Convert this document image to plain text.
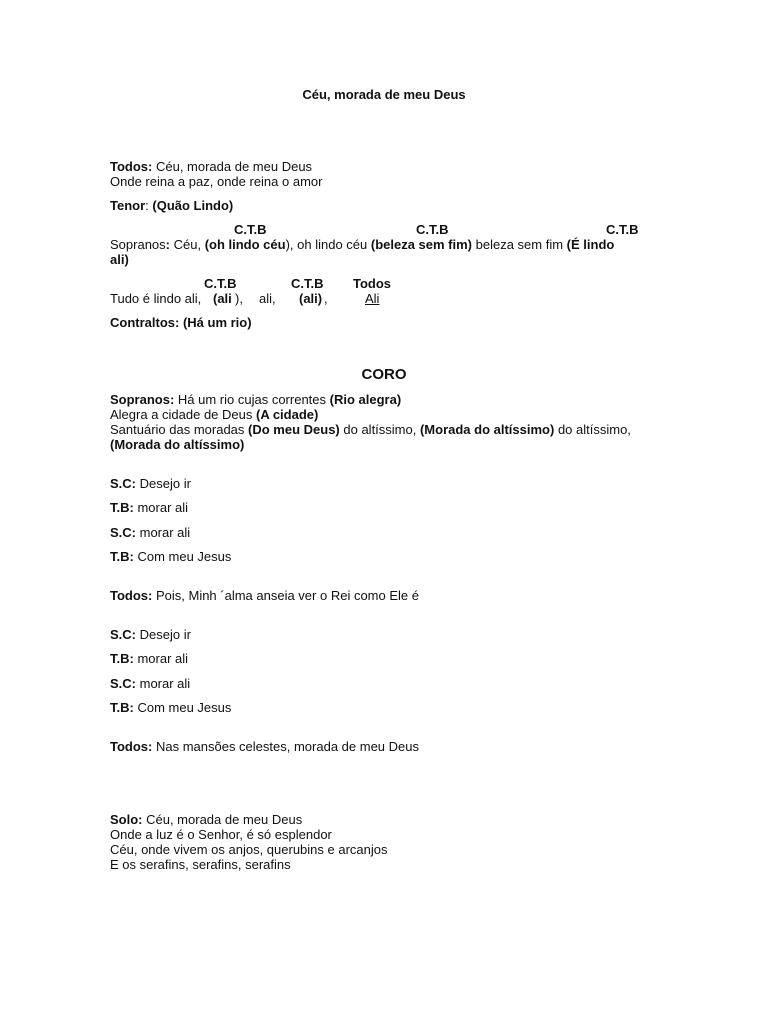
Céu, morada de meu Deus
Todos: Céu, morada de meu Deus
Onde reina a paz, onde reina o amor
Tenor: (Quão Lindo)
C.T.B	C.T.B	C.T.B
Sopranos: Céu, (oh lindo céu), oh lindo céu (beleza sem fim) beleza sem fim (É lindo
ali)
C.T.B	C.T.B Todos
Tudo é lindo ali, (ali ), ali, (ali) ,	Ali
Contraltos: (Há um rio)
CORO
Sopranos: Há um rio cujas correntes (Rio alegra)
Alegra a cidade de Deus (A cidade)
Santuário das moradas (Do meu Deus) do altíssimo, (Morada do altíssimo) do altíssimo,
(Morada do altíssimo)
S.C: Desejo ir
T.B: morar ali
S.C: morar ali
T.B: Com meu Jesus
Todos: Pois, Minh ´alma anseia ver o Rei como Ele é
S.C: Desejo ir
T.B: morar ali
S.C: morar ali
T.B: Com meu Jesus
Todos: Nas mansões celestes, morada de meu Deus
Solo: Céu, morada de meu Deus
Onde a luz é o Senhor, é só esplendor
Céu, onde vivem os anjos, querubins e arcanjos
E os serafins, serafins, serafins
